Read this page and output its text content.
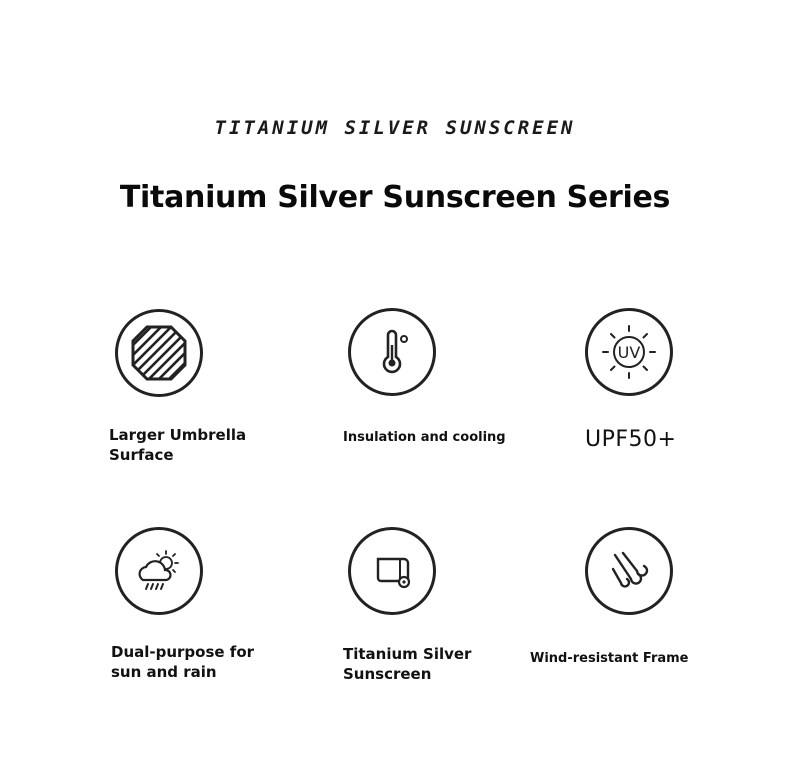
TITANIUM SILVER SUNSCREEN
Titanium Silver Sunscreen Series
Larger Umbrella
Surface
Insulation and cooling
UV
UPF50+
Dual-purpose for
sun and rain
Titanium Silver
Sunscreen
Wind-resistant Frame
